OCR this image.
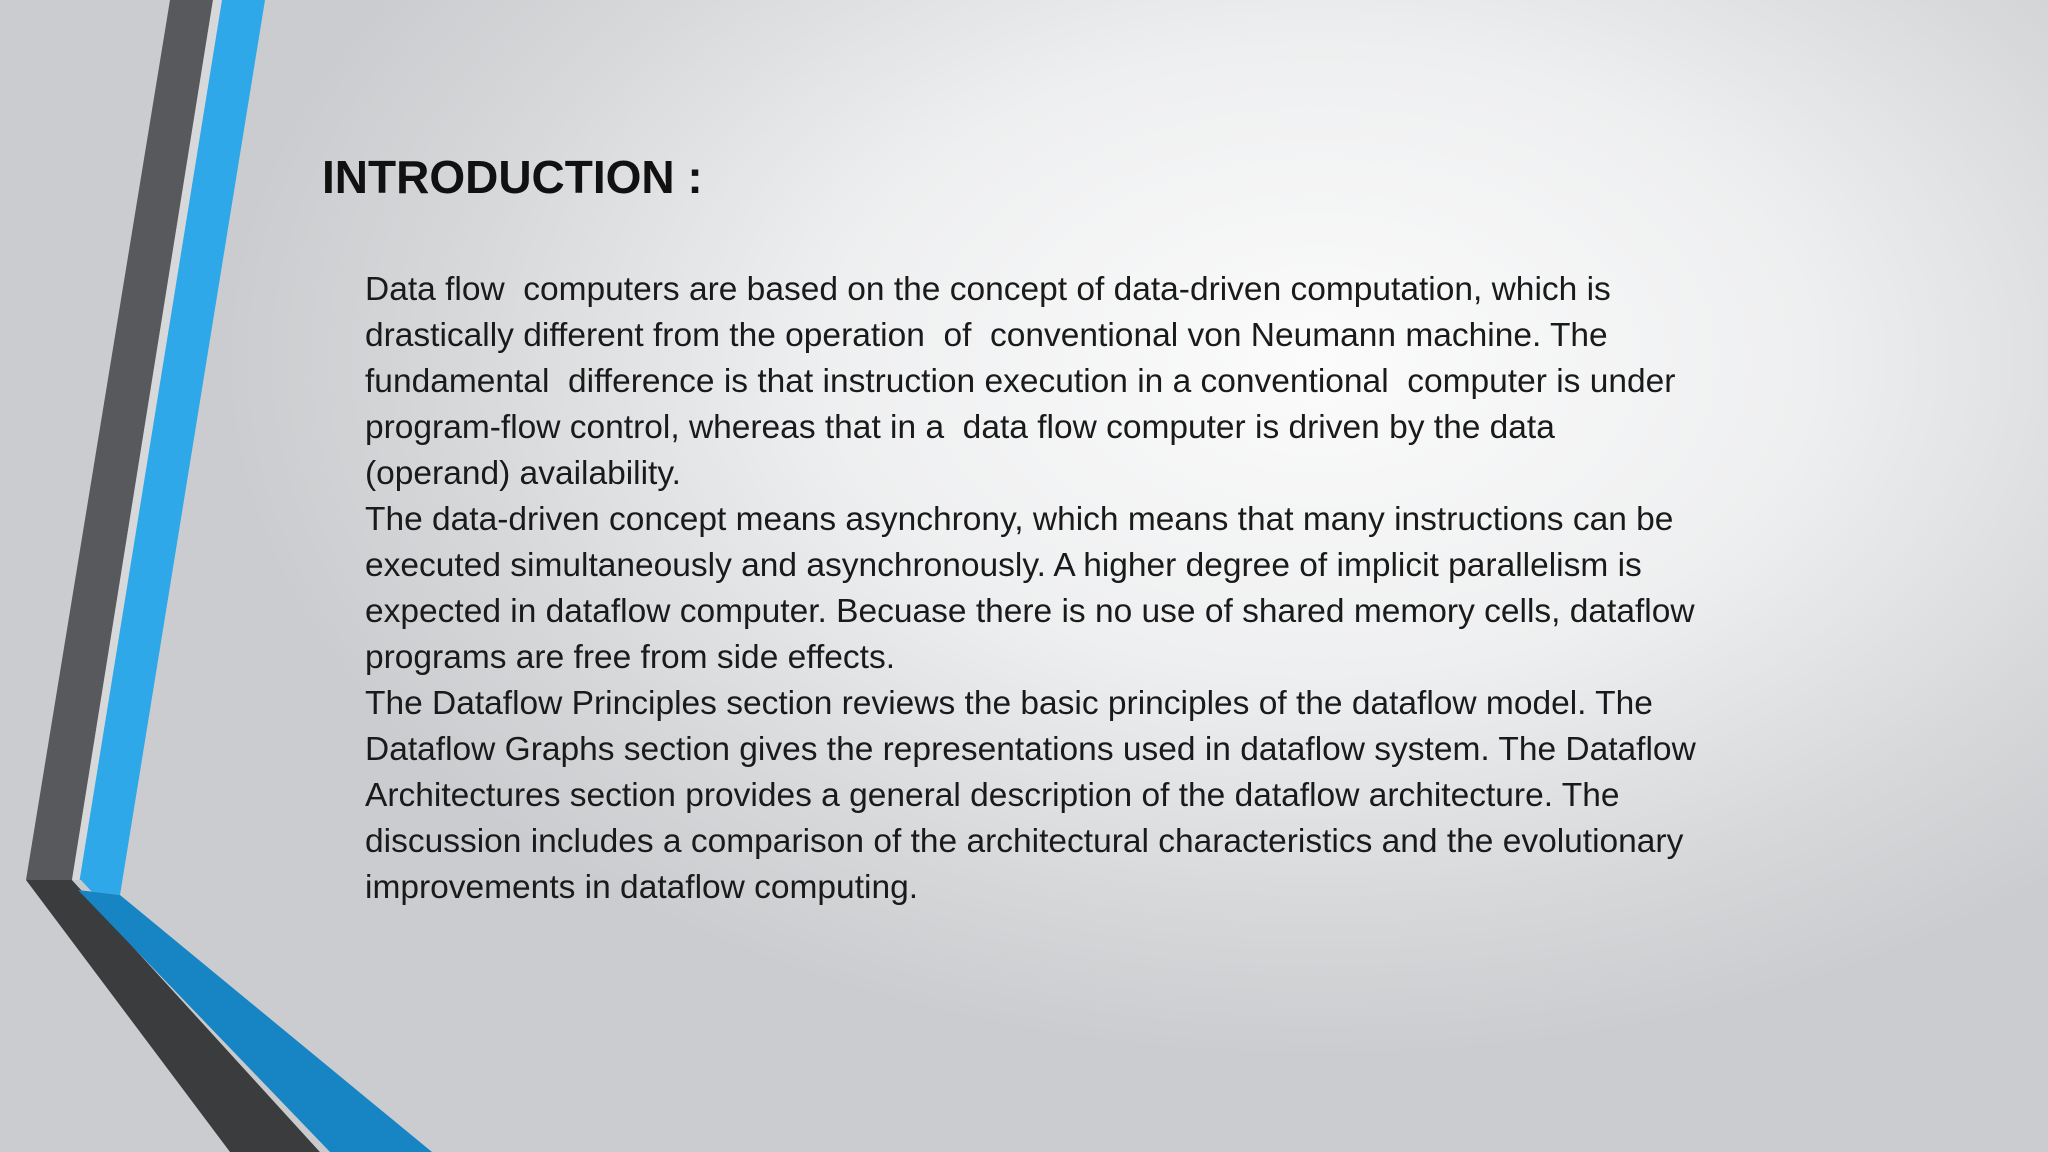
INTRODUCTION :
Data flow  computers are based on the concept of data-driven computation, which is
drastically different from the operation  of  conventional von Neumann machine. The
fundamental  difference is that instruction execution in a conventional  computer is under
program-flow control, whereas that in a  data flow computer is driven by the data
(operand) availability.
The data-driven concept means asynchrony, which means that many instructions can be
executed simultaneously and asynchronously. A higher degree of implicit parallelism is
expected in dataflow computer. Becuase there is no use of shared memory cells, dataflow
programs are free from side effects.
The Dataflow Principles section reviews the basic principles of the dataflow model. The
Dataflow Graphs section gives the representations used in dataflow system. The Dataflow
Architectures section provides a general description of the dataflow architecture. The
discussion includes a comparison of the architectural characteristics and the evolutionary
improvements in dataflow computing.
